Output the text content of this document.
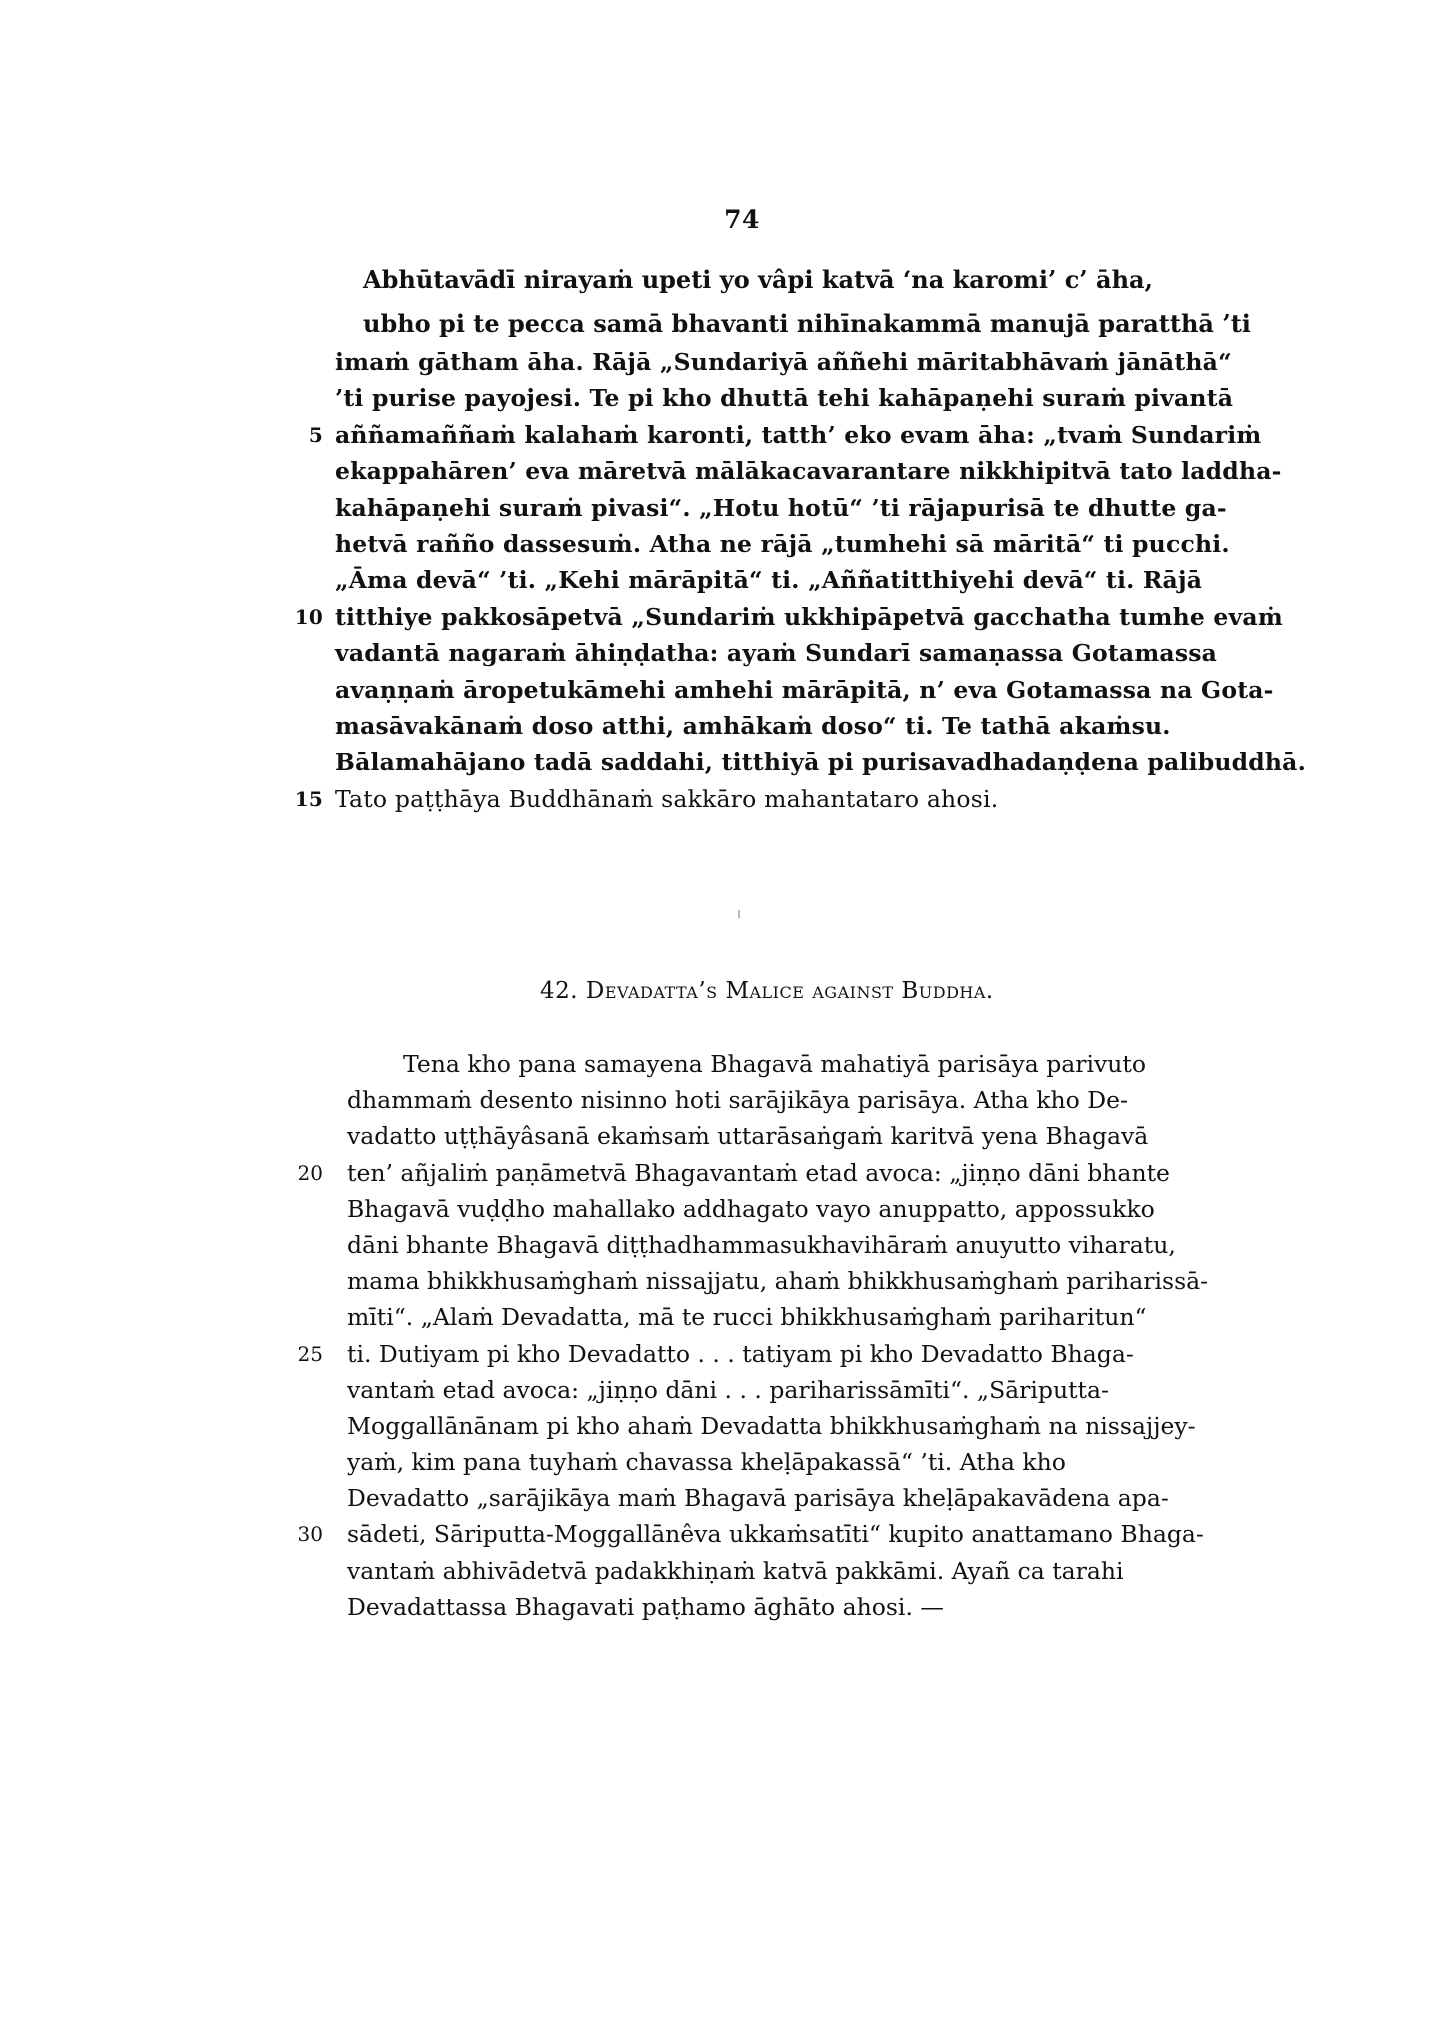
74
Abhūtavādī nirayaṁ upeti yo vâpi katvā ‘na karomi’ c’ āha,
ubho pi te pecca samā bhavanti nihīnakammā manujā paratthā ’ti
imaṁ gātham āha. Rājā „Sundariyā aññehi māritabhāvaṁ jānāthā“
’ti purise payojesi. Te pi kho dhuttā tehi kahāpaṇehi suraṁ pivantā
5 aññamaññaṁ kalahaṁ karonti, tatth’ eko evam āha: „tvaṁ Sundariṁ
ekappahāren’ eva māretvā mālākacavarantare nikkhipitvā tato laddha-
kahāpaṇehi suraṁ pivasi“. „Hotu hotū“ ’ti rājapurisā te dhutte ga-
hetvā rañño dassesuṁ. Atha ne rājā „tumhehi sā māritā“ ti pucchi.
„Āma devā“ ’ti. „Kehi mārāpitā“ ti. „Aññatitthiyehi devā“ ti. Rājā
10 titthiye pakkosāpetvā „Sundariṁ ukkhipāpetvā gacchatha tumhe evaṁ
vadantā nagaraṁ āhiṇḍatha: ayaṁ Sundarī samaṇassa Gotamassa
avaṇṇaṁ āropetukāmehi amhehi mārāpitā, n’ eva Gotamassa na Gota-
masāvakānaṁ doso atthi, amhākaṁ doso“ ti. Te tathā akaṁsu.
Bālamahājano tadā saddahi, titthiyā pi purisavadhadaṇḍena palibuddhā.
15 Tato paṭṭhāya Buddhānaṁ sakkāro mahantataro ahosi.
42. Devadatta’s Malice against Buddha.
Tena kho pana samayena Bhagavā mahatiyā parisāya parivuto
dhammaṁ desento nisinno hoti sarājikāya parisāya. Atha kho De-
vadatto uṭṭhāyâsanā ekaṁsaṁ uttarāsaṅgaṁ karitvā yena Bhagavā
20 ten’ añjaliṁ paṇāmetvā Bhagavantaṁ etad avoca: „jiṇṇo dāni bhante
Bhagavā vuḍḍho mahallako addhagato vayo anuppatto, appossukko
dāni bhante Bhagavā diṭṭhadhammasukhavihāraṁ anuyutto viharatu,
mama bhikkhusaṁghaṁ nissajjatu, ahaṁ bhikkhusaṁghaṁ pariharissā-
mīti“. „Alaṁ Devadatta, mā te rucci bhikkhusaṁghaṁ pariharitun“
25 ti. Dutiyam pi kho Devadatto . . . tatiyam pi kho Devadatto Bhaga-
vantaṁ etad avoca: „jiṇṇo dāni . . . pariharissāmīti“. „Sāriputta-
Moggallānānam pi kho ahaṁ Devadatta bhikkhusaṁghaṁ na nissajjey-
yaṁ, kim pana tuyhaṁ chavassa kheḷāpakassā“ ’ti. Atha kho
Devadatto „sarājikāya maṁ Bhagavā parisāya kheḷāpakavādena apa-
30 sādeti, Sāriputta-Moggallānêva ukkaṁsatīti“ kupito anattamano Bhaga-
vantaṁ abhivādetvā padakkhiṇaṁ katvā pakkāmi. Ayañ ca tarahi
Devadattassa Bhagavati paṭhamo āghāto ahosi. —
